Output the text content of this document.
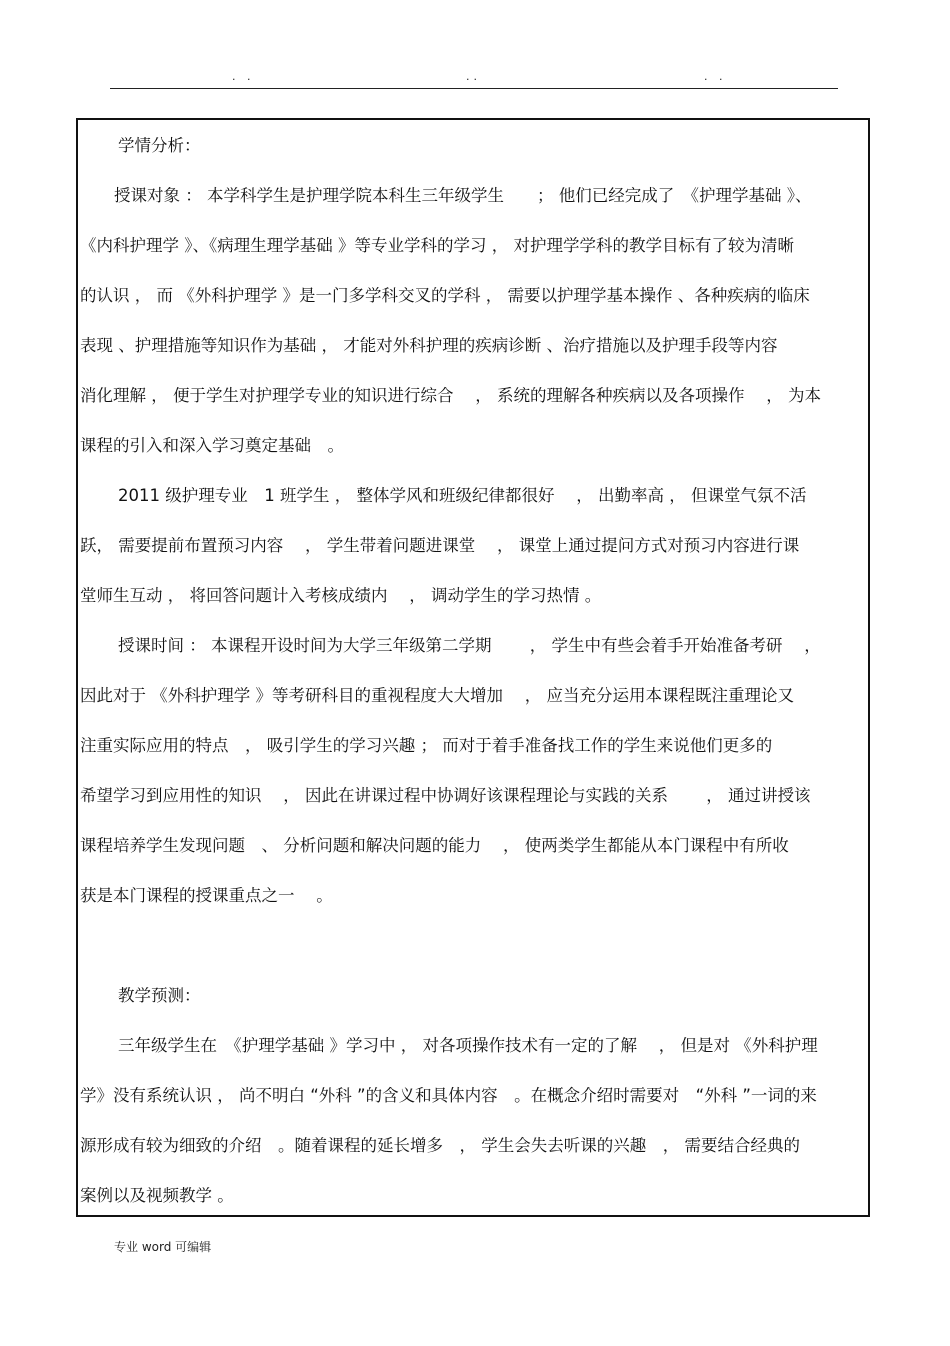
. .	..	. .
学情分析：
授课对象 ： 本学科学生是护理学院本科生三年级学生　　； 他们已经完成了　《护理学基础 》、
《内科护理学 》、《病理生理学基础 》等专业学科的学习 ， 对护理学学科的教学目标有了较为清晰
的认识 ， 而 《外科护理学 》是一门多学科交叉的学科 ， 需要以护理学基本操作 、各种疾病的临床
表现 、护理措施等知识作为基础 ， 才能对外科护理的疾病诊断 、治疗措施以及护理手段等内容
消化理解 ， 便于学生对护理学专业的知识进行综合　 ， 系统的理解各种疾病以及各项操作　 ， 为本
课程的引入和深入学习奠定基础　。
2011 级护理专业　1 班学生 ， 整体学风和班级纪律都很好　 ， 出勤率高 ， 但课堂气氛不活
跃， 需要提前布置预习内容　 ， 学生带着问题进课堂　 ， 课堂上通过提问方式对预习内容进行课
堂师生互动 ， 将回答问题计入考核成绩内　 ， 调动学生的学习热情 。
授课时间 ： 本课程开设时间为大学三年级第二学期　　 ， 学生中有些会着手开始准备考研　 ，
因此对于 《外科护理学 》等考研科目的重视程度大大增加　 ， 应当充分运用本课程既注重理论又
注重实际应用的特点　， 吸引学生的学习兴趣 ； 而对于着手准备找工作的学生来说他们更多的
希望学习到应用性的知识　 ， 因此在讲课过程中协调好该课程理论与实践的关系　　 ， 通过讲授该
课程培养学生发现问题　、 分析问题和解决问题的能力　 ， 使两类学生都能从本门课程中有所收
获是本门课程的授课重点之一　 。
教学预测：
三年级学生在　《护理学基础 》学习中 ， 对各项操作技术有一定的了解　 ， 但是对 《外科护理
学》没有系统认识 ， 尚不明白 “外科 ”的含义和具体内容　。在概念介绍时需要对　“外科 ”一词的来
源形成有较为细致的介绍　。随着课程的延长增多　， 学生会失去听课的兴趣　， 需要结合经典的
案例以及视频教学 。
专业 word 可编辑
